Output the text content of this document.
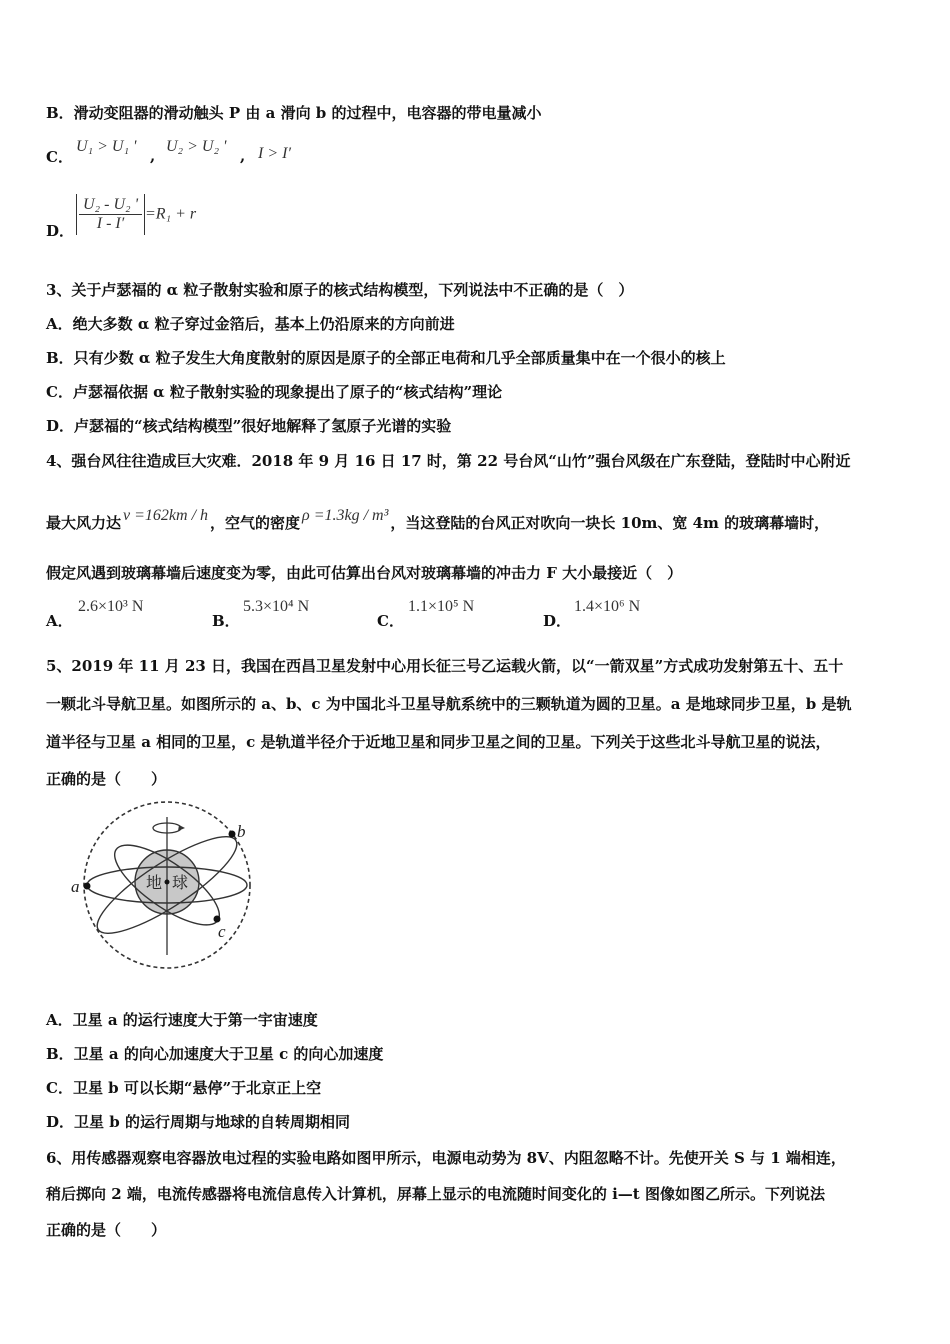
B．滑动变阻器的滑动触头 P 由 a 滑向 b 的过程中，电容器的带电量减小
C．
U₁ > U₁ '
,
U₂ > U₂ '
, I > I′
D． $\frac{\text{U₂ - U₂ '}}{I - I'} =R_1 + r$
3、关于卢瑟福的 α 粒子散射实验和原子的核式结构模型，下列说法中不正确的是（　）
A．绝大多数 α 粒子穿过金箔后，基本上仍沿原来的方向前进
B．只有少数 α 粒子发生大角度散射的原因是原子的全部正电荷和几乎全部质量集中在一个很小的核上
C．卢瑟福依据 α 粒子散射实验的现象提出了原子的“核式结构”理论
D．卢瑟福的“核式结构模型”很好地解释了氢原子光谱的实验
4、强台风往往造成巨大灾难．2018 年 9 月 16 日 17 时，第 22 号台风“山竹”强台风级在广东登陆，登陆时中心附近
最大风力达 v =162km / h ，空气的密度 ρ =1.3kg / m³ ，当这登陆的台风正对吹向一块长 10m、宽 4m 的玻璃幕墙时，
假定风遇到玻璃幕墙后速度变为零，由此可估算出台风对玻璃幕墙的冲击力 F 大小最接近（　）
A．
2.6×10³ N
B．
5.3×10⁴ N
C．
1.1×10⁵ N
D．
1.4×10⁶ N
5、2019 年 11 月 23 日，我国在西昌卫星发射中心用长征三号乙运载火箭，以“一箭双星”方式成功发射第五十、五十
一颗北斗导航卫星。如图所示的 a、b、c 为中国北斗卫星导航系统中的三颗轨道为圆的卫星。a 是地球同步卫星，b 是轨
道半径与卫星 a 相同的卫星，c 是轨道半径介于近地卫星和同步卫星之间的卫星。下列关于这些北斗导航卫星的说法，
正确的是（　　）
地 球
a
b
c
A．卫星 a 的运行速度大于第一宇宙速度
B．卫星 a 的向心加速度大于卫星 c 的向心加速度
C．卫星 b 可以长期“悬停”于北京正上空
D．卫星 b 的运行周期与地球的自转周期相同
6、用传感器观察电容器放电过程的实验电路如图甲所示，电源电动势为 8V、内阻忽略不计。先使开关 S 与 1 端相连，
稍后掷向 2 端，电流传感器将电流信息传入计算机，屏幕上显示的电流随时间变化的 i—t 图像如图乙所示。下列说法
正确的是（　　）
